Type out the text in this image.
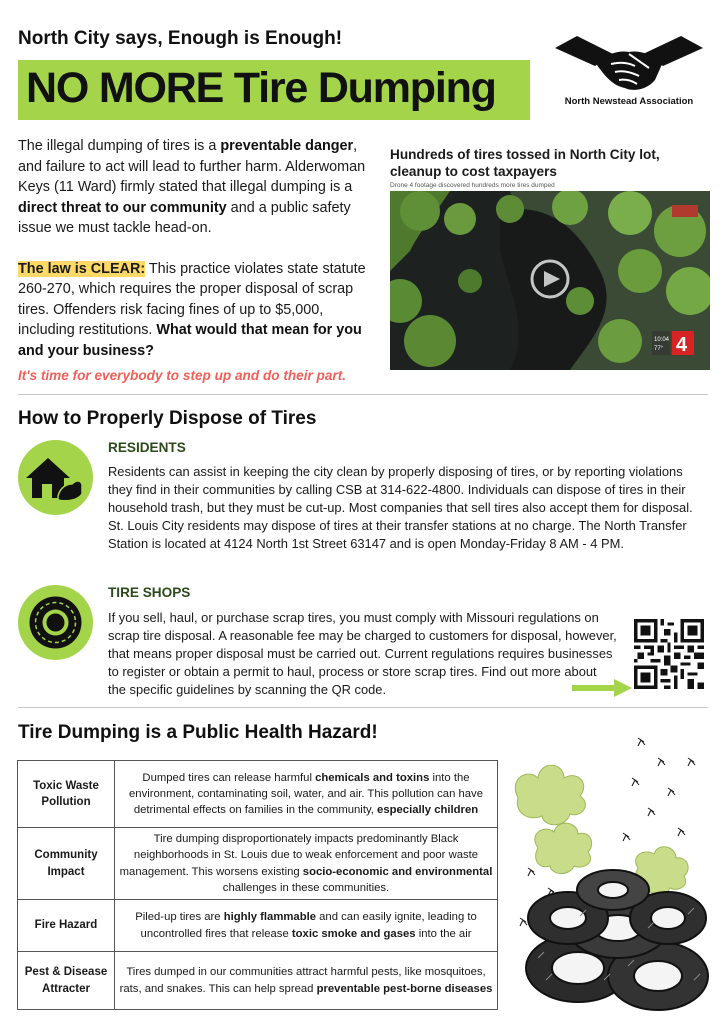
North City says, Enough is Enough!
NO MORE Tire Dumping	North Newstead Association

The illegal dumping of tires is a preventable danger, and failure to act will lead to further harm. Alderwoman Keys (11 Ward) firmly stated that illegal dumping is a direct threat to our community and a public safety issue we must tackle head-on.

The law is CLEAR: This practice violates state statute 260-270, which requires the proper disposal of scrap tires. Offenders risk facing fines of up to $5,000, including restitutions. What would that mean for you and your business?

It's time for everybody to step up and do their part.
Hundreds of tires tossed in North City lot, cleanup to cost taxpayers
Drone 4 footage discovered hundreds more tires dumped
10:04
77° 4
How to Properly Dispose of Tires
RESIDENTS
Residents can assist in keeping the city clean by properly disposing of tires, or by reporting violations they find in their communities by calling CSB at 314-622-4800. Individuals can dispose of tires in their household trash, but they must be cut-up. Most companies that sell tires also accept them for disposal. St. Louis City residents may dispose of tires at their transfer stations at no charge. The North Transfer Station is located at 4124 North 1st Street 63147 and is open Monday-Friday 8 AM - 4 PM.
TIRE SHOPS
If you sell, haul, or purchase scrap tires, you must comply with Missouri regulations on scrap tire disposal. A reasonable fee may be charged to customers for disposal, however, that means proper disposal must be carried out. Current regulations requires businesses to register or obtain a permit to haul, process or store scrap tires. Find out more about the specific guidelines by scanning the QR code.
Tire Dumping is a Public Health Hazard!
Toxic Waste Pollution	Dumped tires can release harmful chemicals and toxins into the environment, contaminating soil, water, and air. This pollution can have detrimental effects on families in the community, especially children
Community Impact	Tire dumping disproportionately impacts predominantly Black neighborhoods in St. Louis due to weak enforcement and poor waste management. This worsens existing socio-economic and environmental challenges in these communities.
Fire Hazard	Piled-up tires are highly flammable and can easily ignite, leading to uncontrolled fires that release toxic smoke and gases into the air
Pest & Disease Attracter	Tires dumped in our communities attract harmful pests, like mosquitoes, rats, and snakes. This can help spread preventable pest-borne diseases
